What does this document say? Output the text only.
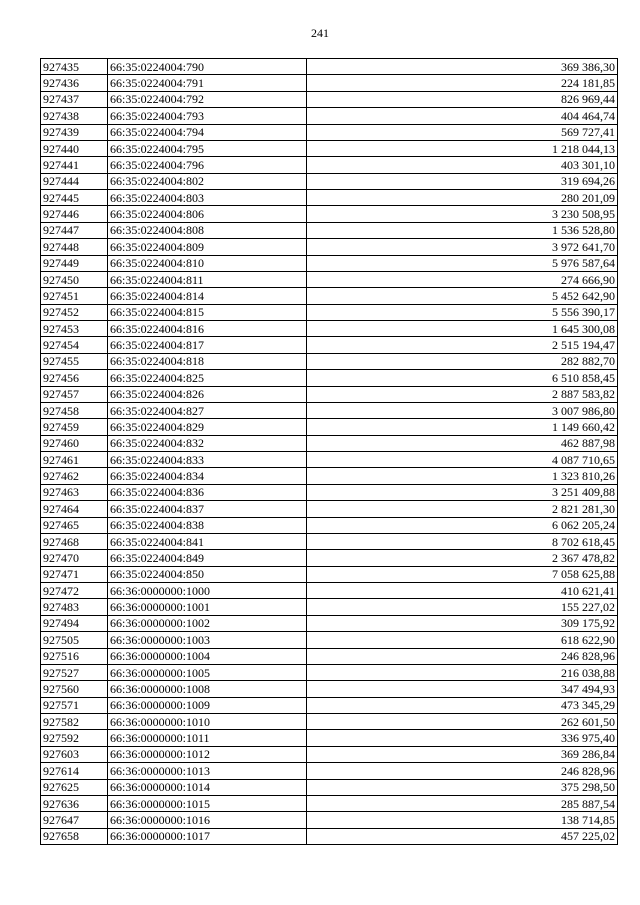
241
927435	66:35:0224004:790	369 386,30
927436	66:35:0224004:791	224 181,85
927437	66:35:0224004:792	826 969,44
927438	66:35:0224004:793	404 464,74
927439	66:35:0224004:794	569 727,41
927440	66:35:0224004:795	1 218 044,13
927441	66:35:0224004:796	403 301,10
927444	66:35:0224004:802	319 694,26
927445	66:35:0224004:803	280 201,09
927446	66:35:0224004:806	3 230 508,95
927447	66:35:0224004:808	1 536 528,80
927448	66:35:0224004:809	3 972 641,70
927449	66:35:0224004:810	5 976 587,64
927450	66:35:0224004:811	274 666,90
927451	66:35:0224004:814	5 452 642,90
927452	66:35:0224004:815	5 556 390,17
927453	66:35:0224004:816	1 645 300,08
927454	66:35:0224004:817	2 515 194,47
927455	66:35:0224004:818	282 882,70
927456	66:35:0224004:825	6 510 858,45
927457	66:35:0224004:826	2 887 583,82
927458	66:35:0224004:827	3 007 986,80
927459	66:35:0224004:829	1 149 660,42
927460	66:35:0224004:832	462 887,98
927461	66:35:0224004:833	4 087 710,65
927462	66:35:0224004:834	1 323 810,26
927463	66:35:0224004:836	3 251 409,88
927464	66:35:0224004:837	2 821 281,30
927465	66:35:0224004:838	6 062 205,24
927468	66:35:0224004:841	8 702 618,45
927470	66:35:0224004:849	2 367 478,82
927471	66:35:0224004:850	7 058 625,88
927472	66:36:0000000:1000	410 621,41
927483	66:36:0000000:1001	155 227,02
927494	66:36:0000000:1002	309 175,92
927505	66:36:0000000:1003	618 622,90
927516	66:36:0000000:1004	246 828,96
927527	66:36:0000000:1005	216 038,88
927560	66:36:0000000:1008	347 494,93
927571	66:36:0000000:1009	473 345,29
927582	66:36:0000000:1010	262 601,50
927592	66:36:0000000:1011	336 975,40
927603	66:36:0000000:1012	369 286,84
927614	66:36:0000000:1013	246 828,96
927625	66:36:0000000:1014	375 298,50
927636	66:36:0000000:1015	285 887,54
927647	66:36:0000000:1016	138 714,85
927658	66:36:0000000:1017	457 225,02
